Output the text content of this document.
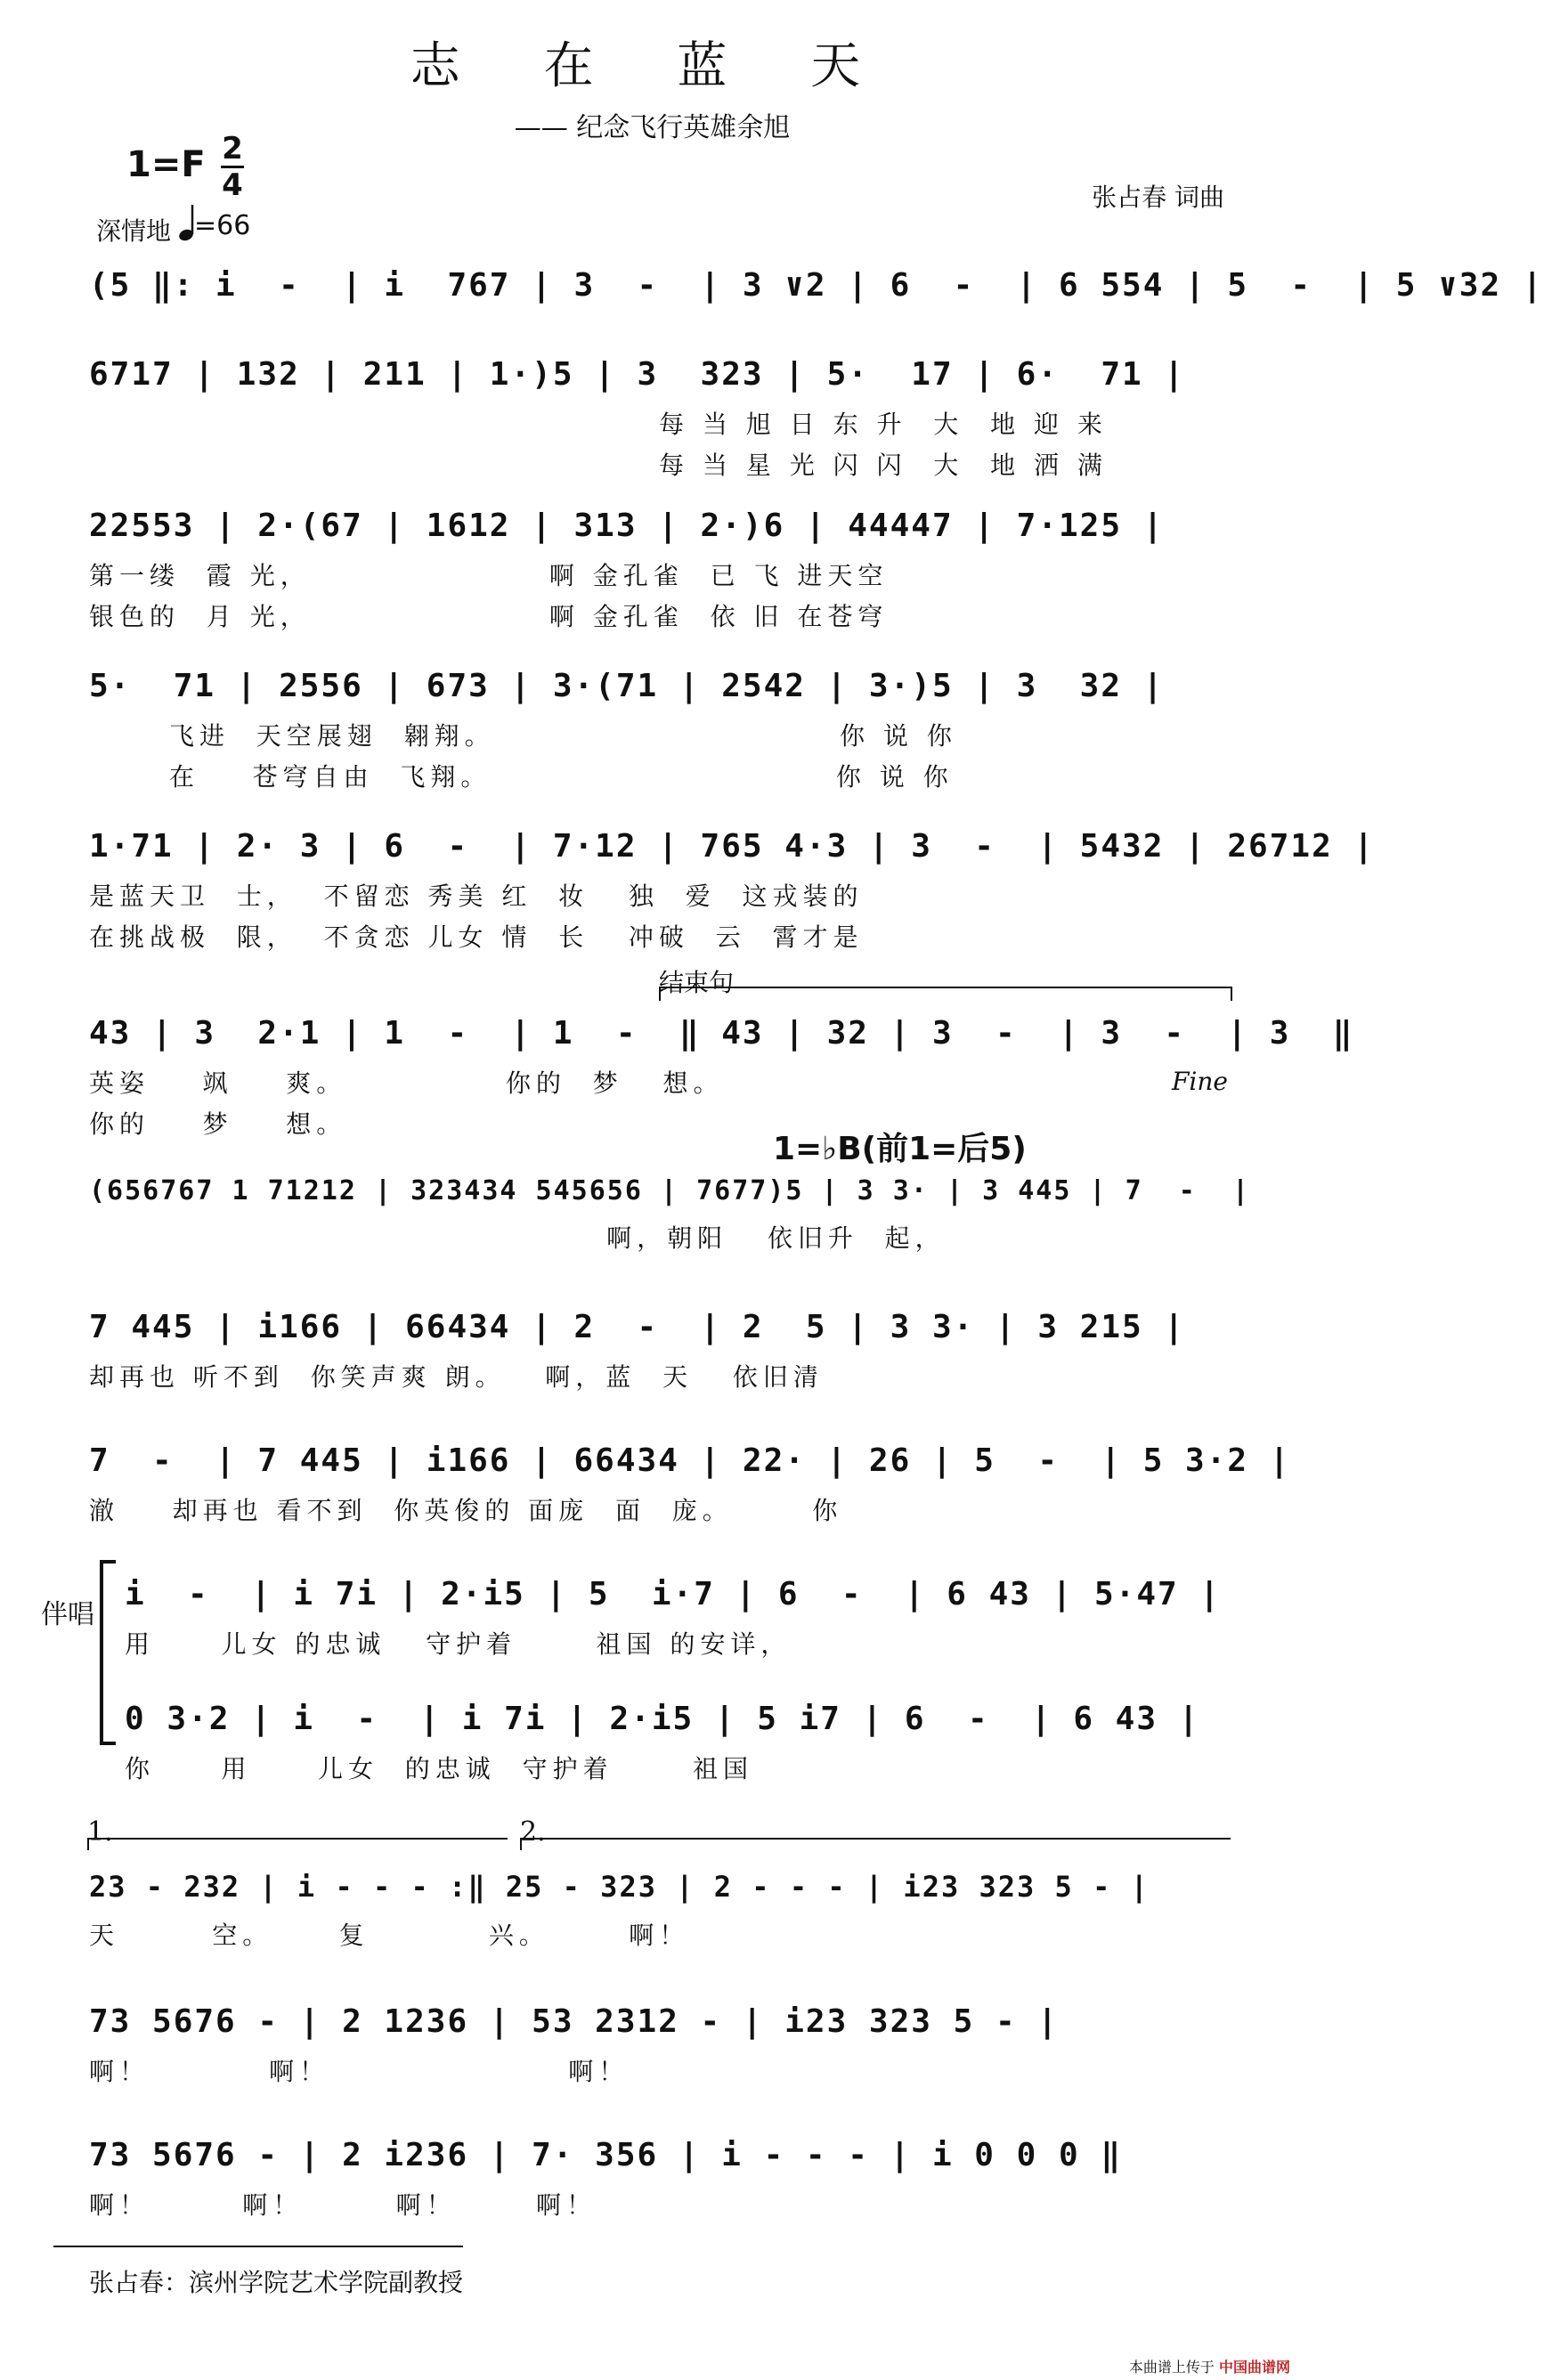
志 在 蓝 天
—— 纪念飞行英雄余旭
1=F 2
4	张占春 词曲
深情地 =66
(5 ‖: i  -  | i  767 | 3  -  | 3 ∨2 | 6  -  | 6 554 | 5  -  | 5 ∨32 |
6717 | 132 | 211 | 1·)5 | 3  323 | 5·  17 | 6·  71 |
每 当 旭 日 东 升  大  地 迎 来
每 当 星 光 闪 闪  大  地 洒 满
22553 | 2·(67 | 1612 | 313 | 2·)6 | 44447 | 7·125 |
第一缕  霞 光，                  啊 金孔雀  已 飞 进天空
银色的  月 光，                  啊 金孔雀  依 旧 在苍穹
5·  71 | 2556 | 673 | 3·(71 | 2542 | 3·)5 | 3  32 |
飞进  天空展翅  翱翔。                          你 说 你
在    苍穹自由  飞翔。                          你 说 你
1·71 | 2· 3 | 6  -  | 7·12 | 765 4·3 | 3  -  | 5432 | 26712 |
是蓝天卫  士，  不留恋 秀美 红  妆   独  爱  这戎装的
在挑战极  限，  不贪恋 儿女 情  长   冲破  云  霄才是
结束句
43 | 3  2·1 | 1  -  | 1  -  ‖ 43 | 32 | 3  -  | 3  -  | 3  ‖
英姿    飒    爽。            你的  梦   想。
你的    梦    想。
Fine
1=♭B(前1=后5)
(656767 1 71212 | 323434 545656 | 7677)5 | 3 3· | 3 445 | 7  -  |
啊，朝阳   依旧升  起，
7 445 | i166 | 66434 | 2  -  | 2  5 | 3 3· | 3 215 |
却再也 听不到  你笑声爽 朗。   啊，蓝  天   依旧清
7  -  | 7 445 | i166 | 66434 | 22· | 26 | 5  -  | 5 3·2 |
澈    却再也 看不到  你英俊的 面庞  面  庞。      你
伴唱
i  -  | i 7i | 2·i5 | 5  i·7 | 6  -  | 6 43 | 5·47 |
用     儿女 的忠诚   守护着      祖国 的安详，
0 3·2 | i  -  | i 7i | 2·i5 | 5 i7 | 6  -  | 6 43 |
你     用     儿女  的忠诚  守护着      祖国
1.	2.
23 - 232 | i - - - :‖ 25 - 323 | 2 - - - | i23 323 5 - |
天       空。     复         兴。      啊！
73 5676 - | 2 1236 | 53 2312 - | i23 323 5 - |
啊！         啊！                  啊！
73 5676 - | 2 i236 | 7· 356 | i - - - | i 0 0 0 ‖
啊！       啊！       啊！      啊！
张占春：滨州学院艺术学院副教授
本曲谱上传于 中国曲谱网
